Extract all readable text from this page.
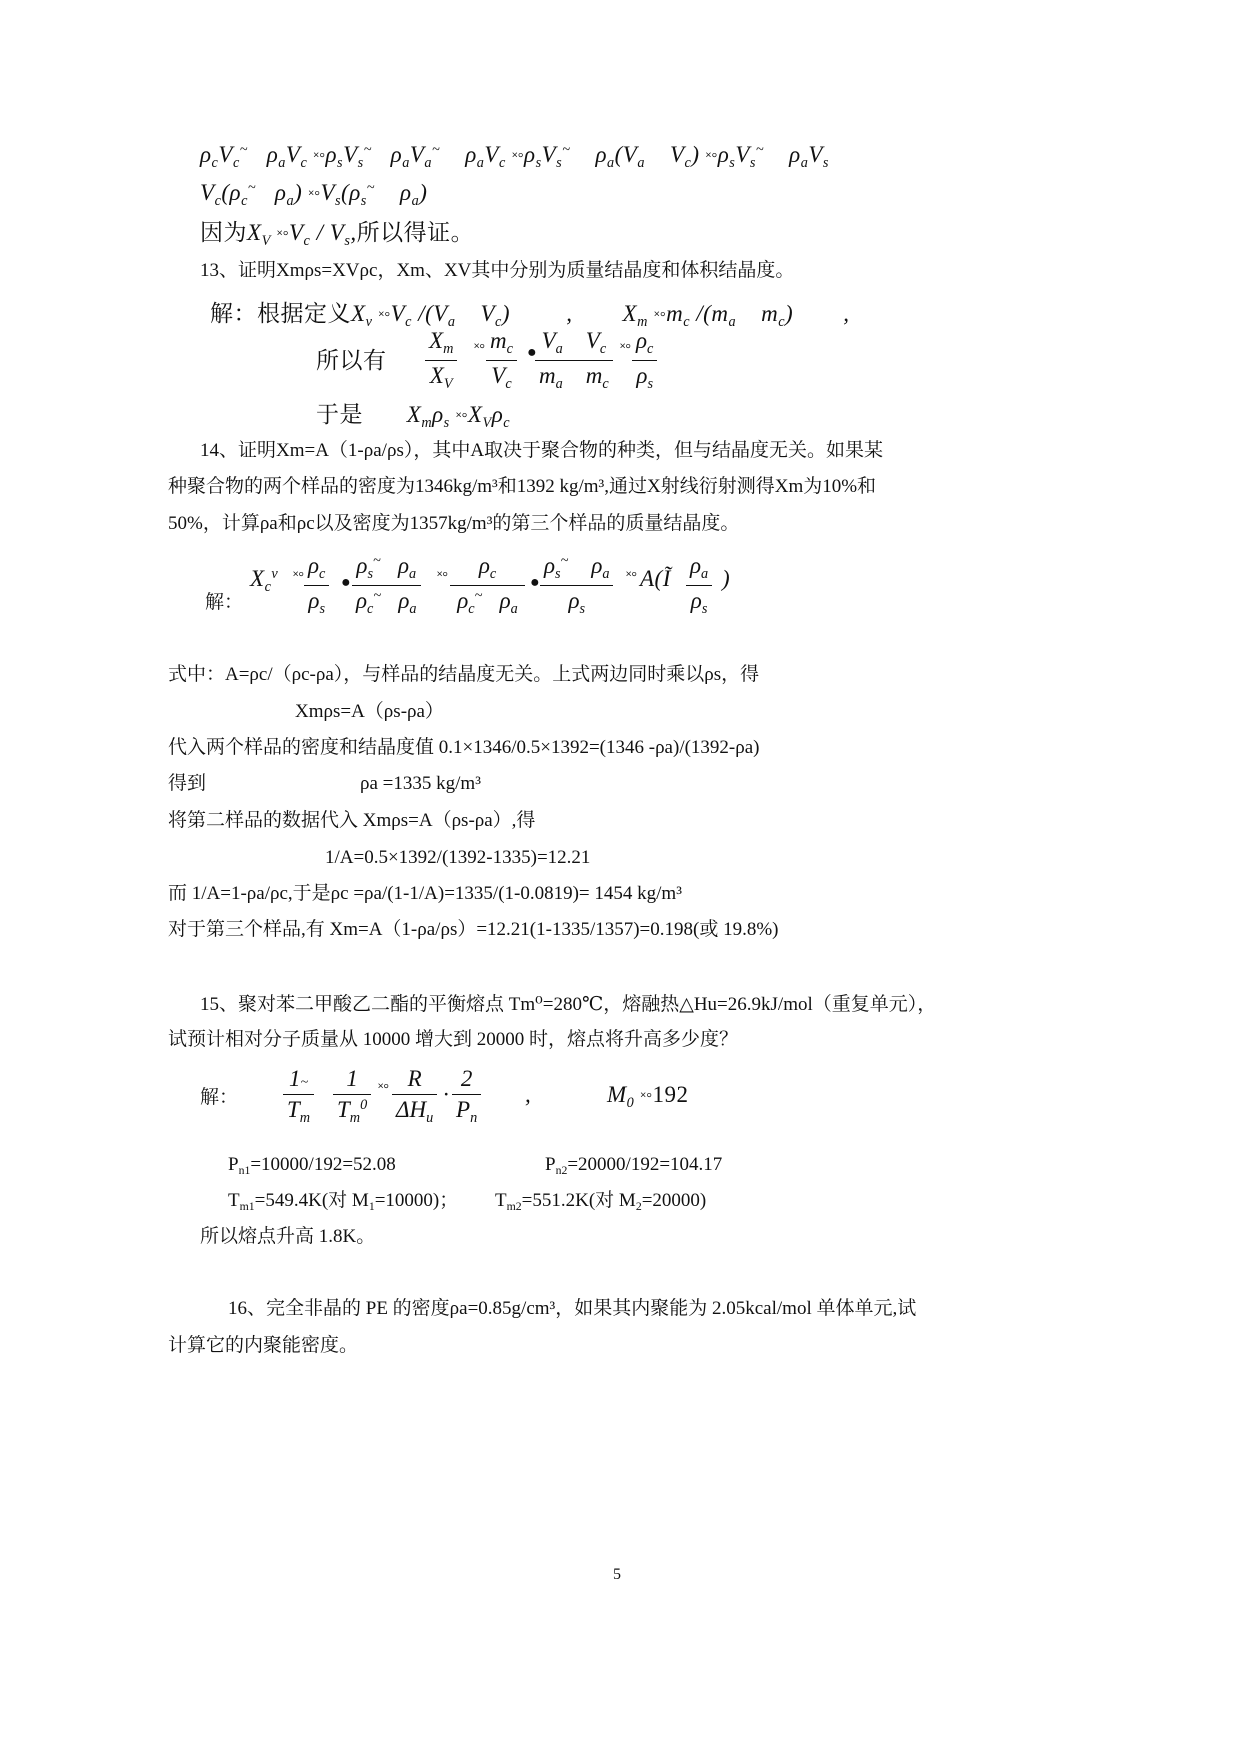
$\rho_cV_c^\sim$   $\rho_aV_c$ $˟^\circ\rho_sV_s^\sim$   $\rho_aV_a^\sim$    $\rho_aV_c$ $˟^\circ\rho_sV_s^\sim$    $\rho_a(V_a$    $V_c$) $˟^\circ\rho_sV_s^\sim$    $\rho_aV_s$
$V_c(\rho_c^\sim$   $\rho_a$) $˟^\circ V_s(\rho_s^\sim$    $\rho_a$)
因为$X_V$ $˟^\circ V_c / V_s$,所以得证。
13、证明Xmρs=XVρc，Xm、XV其中分别为质量结晶度和体积结晶度。
解：根据定义$X_v$ $˟^\circ V_c$ $/(V_a$    $V_c$)         ,        $X_m$ $˟^\circ m_c$ $/(m_a$    $m_c$)        ,
所以有
$X_m$
$X_V$
˟° $m_c$
$V_c$
● $V_a$    $V_c$
$m_a$    $m_c$
˟° $\rho_c$
$\rho_s$
于是       $X_m\rho_s$ $˟^\circ X_V\rho_c$
14、证明Xm=A（1-ρa/ρs），其中A取决于聚合物的种类，但与结晶度无关。如果某
种聚合物的两个样品的密度为1346kg/m³和1392 kg/m³,通过X射线衍射测得Xm为10%和
50%，计算ρa和ρc以及密度为1357kg/m³的第三个样品的质量结晶度。
解：
$X_c^v$ ˟° $\rho_c$
$\rho_s$
●
$\rho_s^\sim$   $\rho_a$
$\rho_c^\sim$   $\rho_a$
˟°	$\rho_c$
$\rho_c^\sim$   $\rho_a$
●
$\rho_s^\sim$    $\rho_a$
$\rho_s$
˟° A(Ĩ
$\rho_a$
$\rho_s$
)
式中：A=ρc/（ρc-ρa），与样品的结晶度无关。上式两边同时乘以ρs，得
Xmρs=A（ρs-ρa）
代入两个样品的密度和结晶度值 0.1×1346/0.5×1392=(1346 -ρa)/(1392-ρa)
得到	ρa =1335 kg/m³
将第二样品的数据代入 Xmρs=A（ρs-ρa）,得
1/A=0.5×1392/(1392-1335)=12.21
而 1/A=1-ρa/ρc,于是ρc =ρa/(1-1/A)=1335/(1-0.0819)= 1454 kg/m³
对于第三个样品,有 Xm=A（1-ρa/ρs）=12.21(1-1335/1357)=0.198(或 19.8%)
15、聚对苯二甲酸乙二酯的平衡熔点 Tm⁰=280℃，熔融热△Hu=26.9kJ/mol（重复单元），
试预计相对分子质量从 10000 增大到 20000 时，熔点将升高多少度？
解：
1~
$T_m$
1
$T_m^0$
˟° R
$\Delta H_u$
·
2
$P_n$
,	$M_0$ ˟°192
$P_{n1}=10000/192=52.08$	$P_{n2}=20000/192=104.17$
$T_{m1}=549.4K$(对 $M_1=10000$)； $T_{m2}=551.2K$(对 $M_2=20000$)
所以熔点升高 1.8K。
16、完全非晶的 PE 的密度ρa=0.85g/cm³，如果其内聚能为 2.05kcal/mol 单体单元,试
计算它的内聚能密度。
5
